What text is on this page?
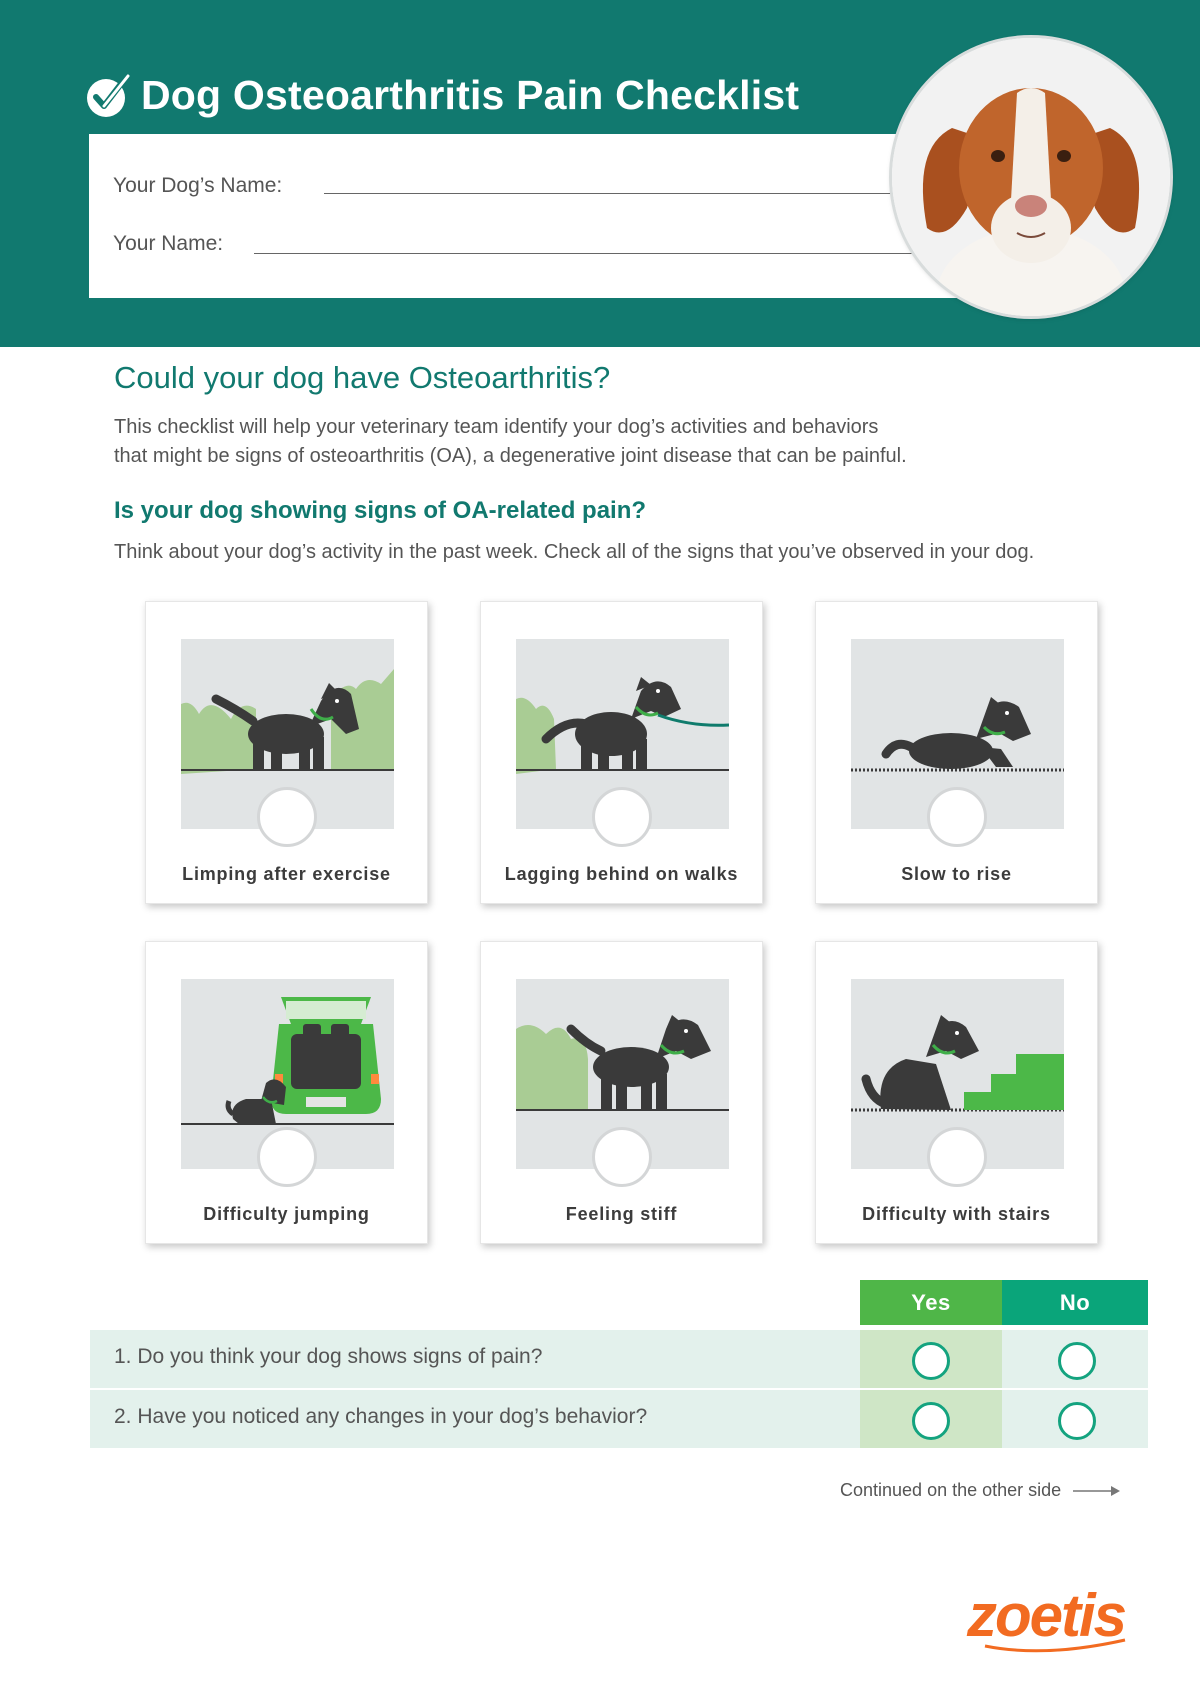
Dog Osteoarthritis Pain Checklist
Your Dog’s Name:
Your Name:
Could your dog have Osteoarthritis?
This checklist will help your veterinary team identify your dog’s activities and behaviors
that might be signs of osteoarthritis (OA), a degenerative joint disease that can be painful.
Is your dog showing signs of OA-related pain?
Think about your dog’s activity in the past week. Check all of the signs that you’ve observed in your dog.
Limping after exercise	Lagging behind on walks	Slow to rise
Difficulty jumping	Feeling stiff	Difficulty with stairs
Yes	No
1. Do you think your dog shows signs of pain?
2. Have you noticed any changes in your dog’s behavior?
Continued on the other side
zoetis
